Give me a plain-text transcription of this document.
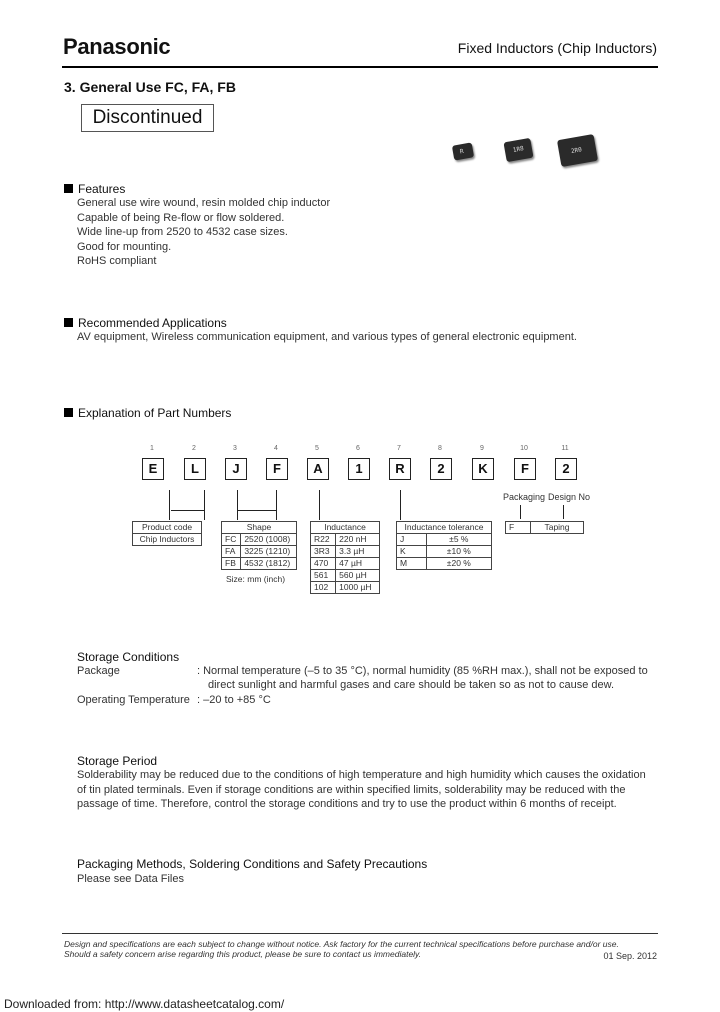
Panasonic	Fixed Inductors (Chip Inductors)
3. General Use FC, FA, FB
Discontinued
R	1R8	2R0
Features
General use wire wound, resin molded chip inductor
Capable of being Re-flow or flow soldered.
Wide line-up from 2520 to 4532 case sizes.
Good for mounting.
RoHS compliant
Recommended Applications
AV equipment, Wireless communication equipment, and various types of general electronic equipment.
Explanation of Part Numbers
1	2	3	4	5	6	7	8	9	10	11
E	L	J	F	A	1	R	2	K	F	2
Packaging Design No
Product code
Chip Inductors
Shape	
FC	2520 (1008)
FA	3225 (1210)
FB	4532 (1812)
Size: mm (inch)
Inductance	
R22	220 nH
3R3	3.3 µH
470	47 µH
561	560 µH
102	1000 µH
Inductance tolerance	
J	±5 %
K	±10 %
M	±20 %
F	Taping
Storage Conditions
Package	: Normal temperature (–5 to 35 °C), normal humidity (85 %RH max.), shall not be exposed to
direct sunlight and harmful gases and care should be taken so as not to cause dew.
Operating Temperature : –20 to +85 °C
Storage Period
Solderability may be reduced due to the conditions of high temperature and high humidity which causes the oxidation
of tin plated terminals. Even if storage conditions are within specified limits, solderability may be reduced with the
passage of time. Therefore, control the storage conditions and try to use the product within 6 months of receipt.
Packaging Methods, Soldering Conditions and Safety Precautions
Please see Data Files
Design and specifications are each subject to change without notice. Ask factory for the current technical specifications before purchase and/or use.
Should a safety concern arise regarding this product, please be sure to contact us immediately.	01 Sep. 2012
Downloaded from: http://www.datasheetcatalog.com/
